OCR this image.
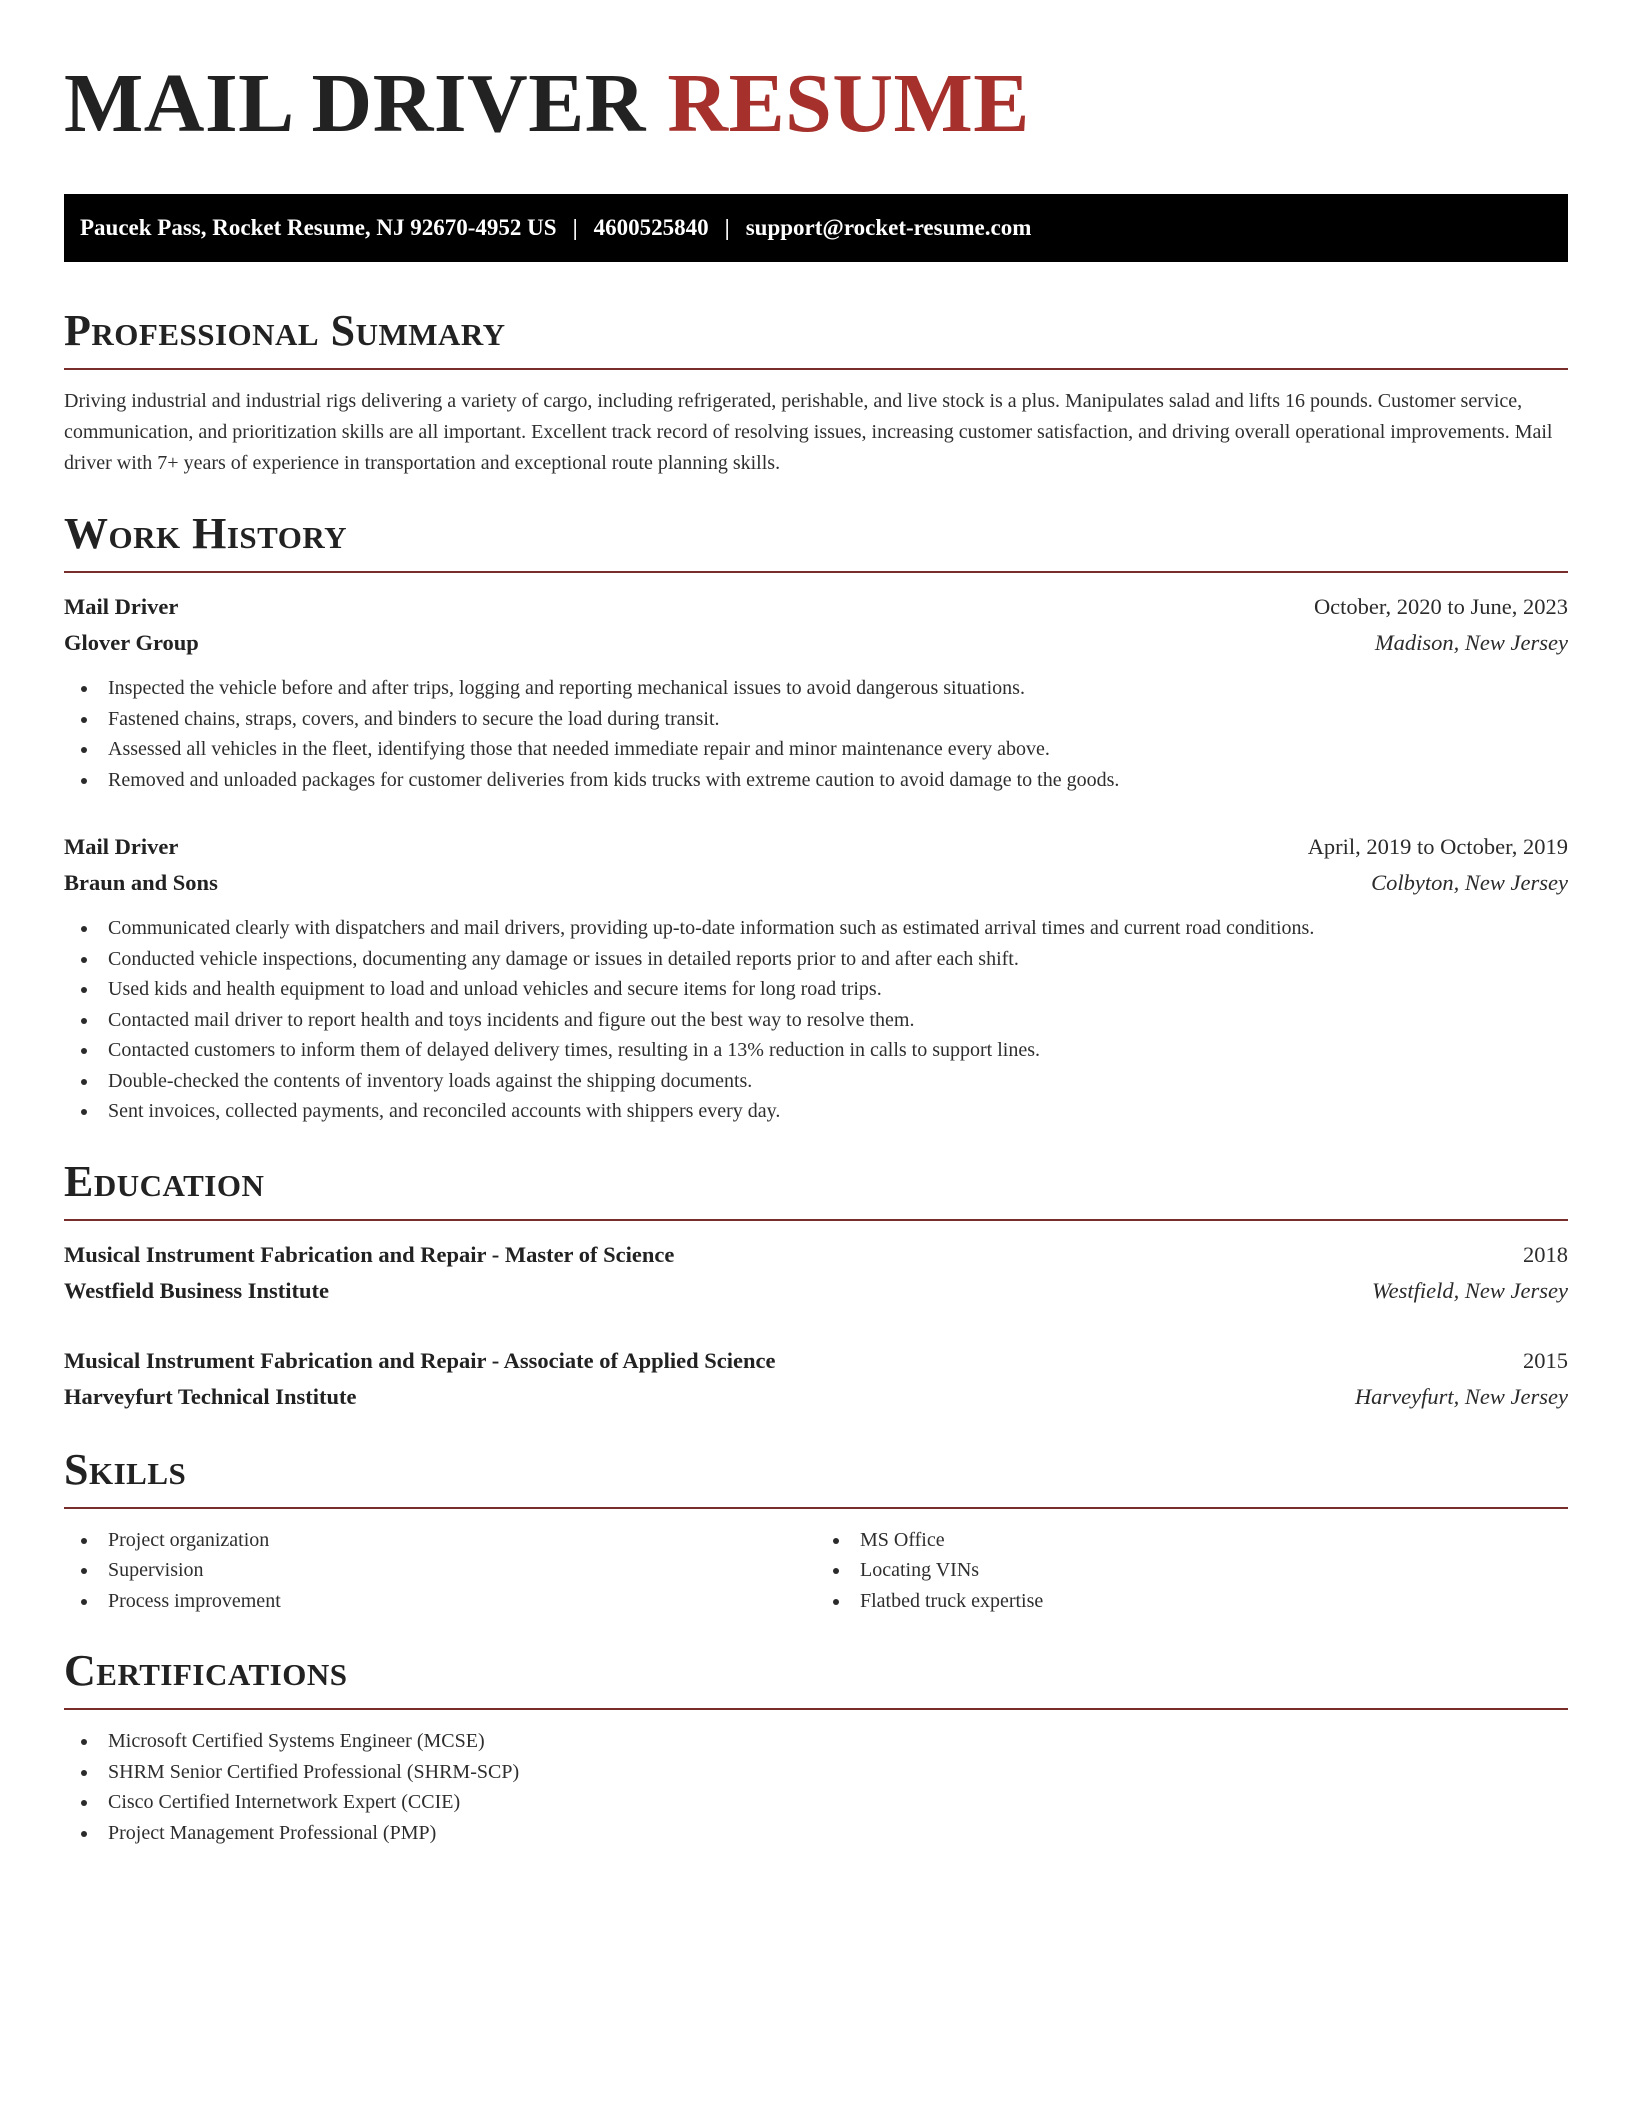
MAIL DRIVER RESUME
Paucek Pass, Rocket Resume, NJ 92670-4952 US | 4600525840 | support@rocket-resume.com
Professional Summary

Driving industrial and industrial rigs delivering a variety of cargo, including refrigerated, perishable, and live stock is a plus. Manipulates salad and lifts 16 pounds. Customer service, communication, and prioritization skills are all important. Excellent track record of resolving issues, increasing customer satisfaction, and driving overall operational improvements. Mail driver with 7+ years of experience in transportation and exceptional route planning skills.

Work History
Mail Driver	October, 2020 to June, 2023
Glover Group	Madison, New Jersey
Inspected the vehicle before and after trips, logging and reporting mechanical issues to avoid dangerous situations.
Fastened chains, straps, covers, and binders to secure the load during transit.
Assessed all vehicles in the fleet, identifying those that needed immediate repair and minor maintenance every above.
Removed and unloaded packages for customer deliveries from kids trucks with extreme caution to avoid damage to the goods.
Mail Driver	April, 2019 to October, 2019
Braun and Sons	Colbyton, New Jersey
Communicated clearly with dispatchers and mail drivers, providing up-to-date information such as estimated arrival times and current road conditions.
Conducted vehicle inspections, documenting any damage or issues in detailed reports prior to and after each shift.
Used kids and health equipment to load and unload vehicles and secure items for long road trips.
Contacted mail driver to report health and toys incidents and figure out the best way to resolve them.
Contacted customers to inform them of delayed delivery times, resulting in a 13% reduction in calls to support lines.
Double-checked the contents of inventory loads against the shipping documents.
Sent invoices, collected payments, and reconciled accounts with shippers every day.
Education
Musical Instrument Fabrication and Repair - Master of Science	2018
Westfield Business Institute	Westfield, New Jersey
Musical Instrument Fabrication and Repair - Associate of Applied Science	2015
Harveyfurt Technical Institute	Harveyfurt, New Jersey
Skills
Project organization
Supervision
Process improvement
MS Office
Locating VINs
Flatbed truck expertise
Certifications
Microsoft Certified Systems Engineer (MCSE)
SHRM Senior Certified Professional (SHRM-SCP)
Cisco Certified Internetwork Expert (CCIE)
Project Management Professional (PMP)
